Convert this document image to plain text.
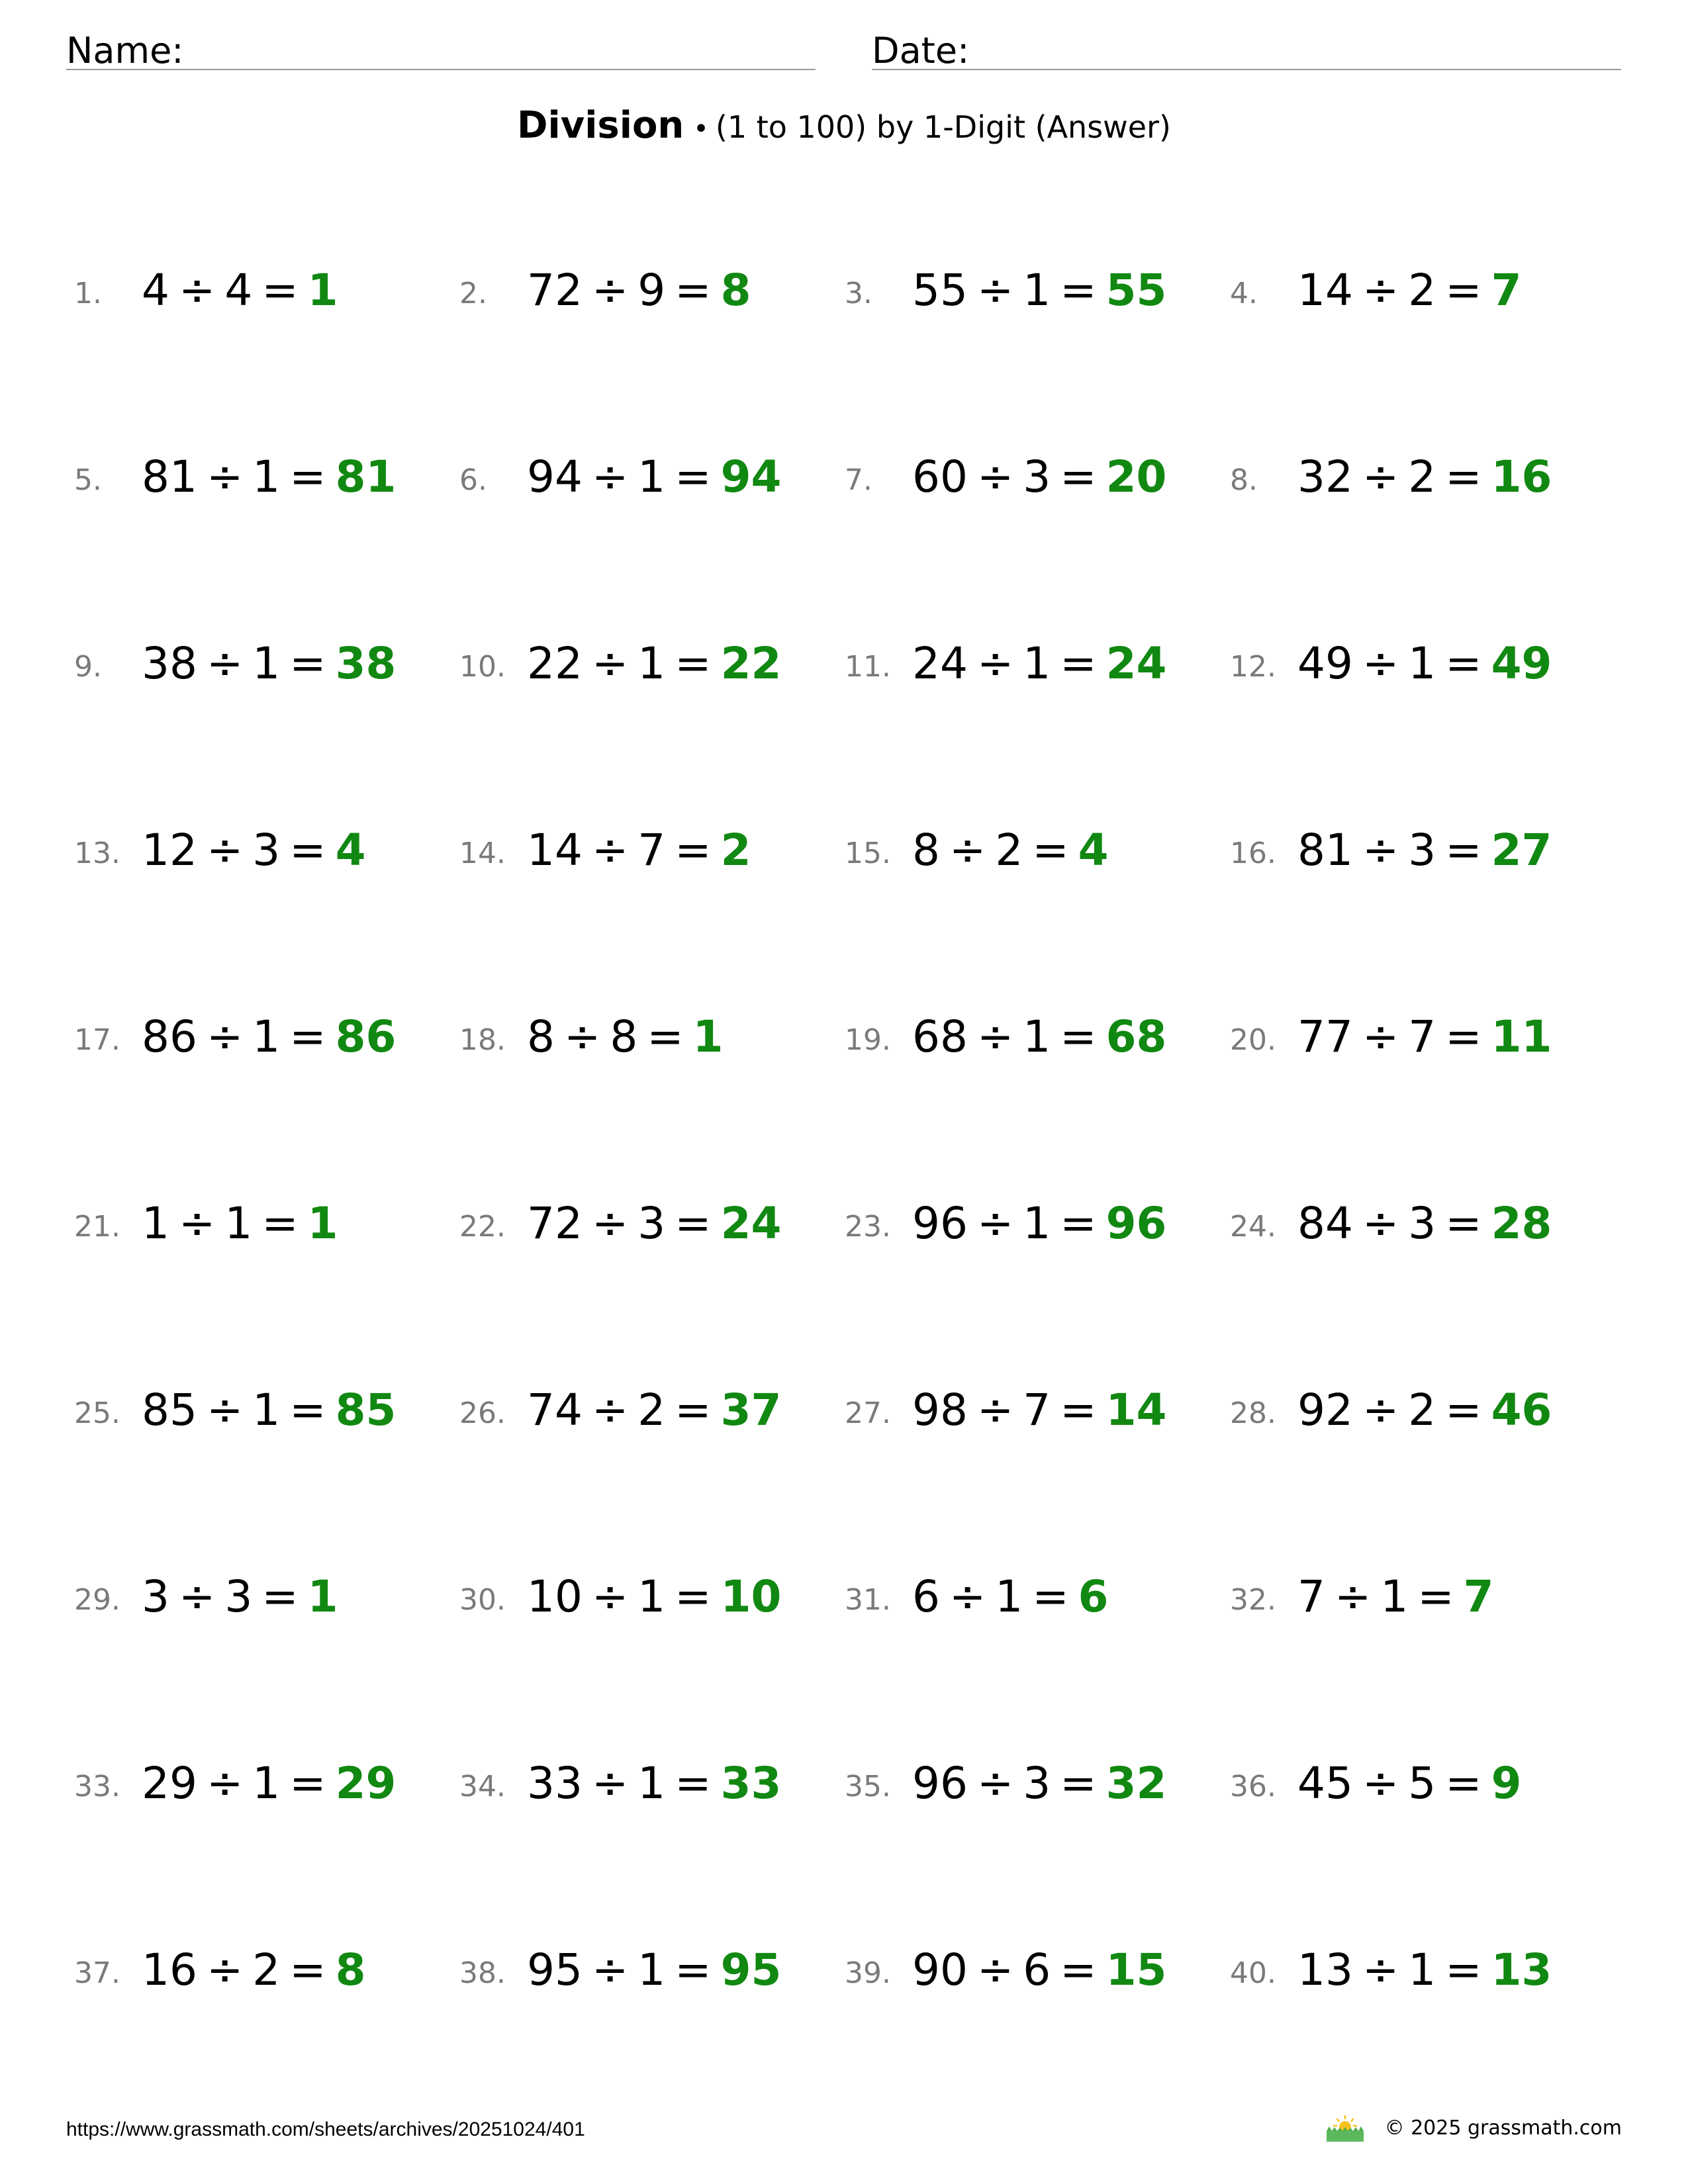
Name:	Date:
Division • (1 to 100) by 1-Digit (Answer)
1. 4 ÷ 4 = 1	2. 72 ÷ 9 = 8	3. 55 ÷ 1 = 55 4. 14 ÷ 2 = 7
5. 81 ÷ 1 = 81 6. 94 ÷ 1 = 94 7. 60 ÷ 3 = 20 8. 32 ÷ 2 = 16
9. 38 ÷ 1 = 38 10. 22 ÷ 1 = 22 11. 24 ÷ 1 = 24 12. 49 ÷ 1 = 49
13. 12 ÷ 3 = 4	14. 14 ÷ 7 = 2	15. 8 ÷ 2 = 4	16. 81 ÷ 3 = 27
17. 86 ÷ 1 = 86 18. 8 ÷ 8 = 1	19. 68 ÷ 1 = 68 20. 77 ÷ 7 = 11
21. 1 ÷ 1 = 1	22. 72 ÷ 3 = 24 23. 96 ÷ 1 = 96 24. 84 ÷ 3 = 28
25. 85 ÷ 1 = 85 26. 74 ÷ 2 = 37 27. 98 ÷ 7 = 14 28. 92 ÷ 2 = 46
29. 3 ÷ 3 = 1	30. 10 ÷ 1 = 10 31. 6 ÷ 1 = 6	32. 7 ÷ 1 = 7
33. 29 ÷ 1 = 29 34. 33 ÷ 1 = 33 35. 96 ÷ 3 = 32 36. 45 ÷ 5 = 9
37. 16 ÷ 2 = 8	38. 95 ÷ 1 = 95 39. 90 ÷ 6 = 15 40. 13 ÷ 1 = 13
https://www.grassmath.com/sheets/archives/20251024/401	© 2025 grassmath.com
